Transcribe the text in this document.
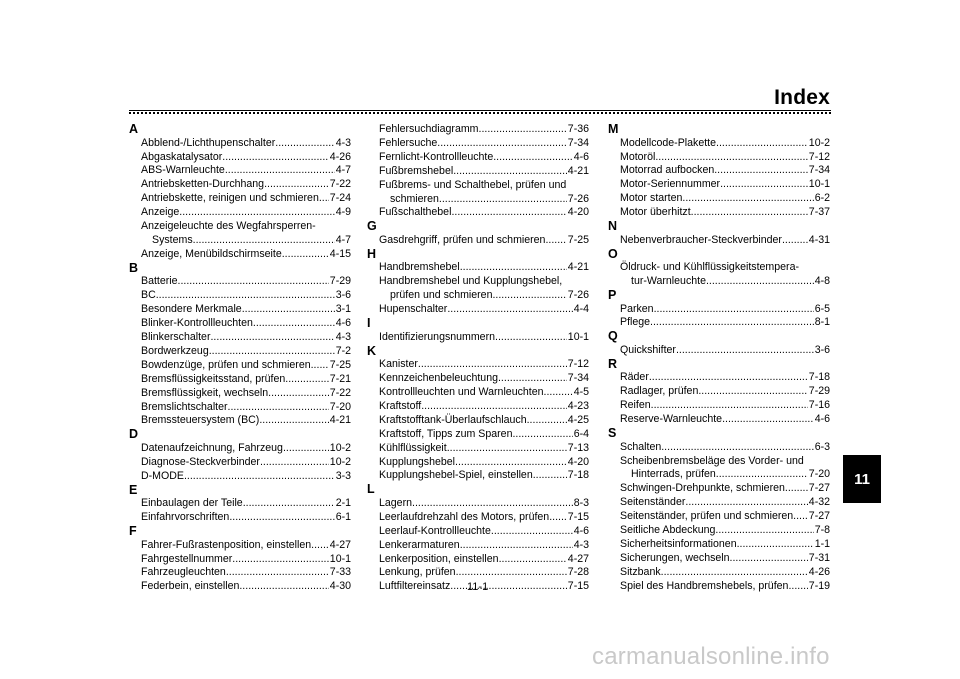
Index
A
Abblend-/Lichthupenschalter .....	4-3
Abgaskatalysator .....	4-26
ABS-Warnleuchte .....	4-7
Antriebsketten-Durchhang .....	7-22
Antriebskette, reinigen und schmieren ..... 7-24
Anzeige .....	4-9
Anzeigeleuchte des Wegfahrsperren-
Systems .....	4-7
Anzeige, Menübildschirmseite .....	4-15
B
Batterie .....	7-29
BC .....	3-6
Besondere Merkmale .....	3-1
Blinker-Kontrollleuchten .....	4-6
Blinkerschalter .....	4-3
Bordwerkzeug .....	7-2
Bowdenzüge, prüfen und schmieren ..... 7-25
Bremsflüssigkeitsstand, prüfen .....	7-21
Bremsflüssigkeit, wechseln .....	7-22
Bremslichtschalter .....	7-20
Bremssteuersystem (BC) .....	4-21
D
Datenaufzeichnung, Fahrzeug .....	10-2
Diagnose-Steckverbinder .....	10-2
D-MODE .....	3-3
E
Einbaulagen der Teile .....	2-1
Einfahrvorschriften .....	6-1
F
Fahrer-Fußrastenposition, einstellen ..... 4-27
Fahrgestellnummer .....	10-1
Fahrzeugleuchten .....	7-33
Federbein, einstellen .....	4-30
Fehlersuchdiagramm .....	7-36
Fehlersuche .....	7-34
Fernlicht-Kontrollleuchte .....	4-6
Fußbremshebel .....	4-21
Fußbrems- und Schalthebel, prüfen und
schmieren .....	7-26
Fußschalthebel .....	4-20
G
Gasdrehgriff, prüfen und schmieren ..... 7-25
H
Handbremshebel .....	4-21
Handbremshebel und Kupplungshebel,
prüfen und schmieren .....	7-26
Hupenschalter .....	4-4
I
Identifizierungsnummern .....	10-1
K
Kanister .....	7-12
Kennzeichenbeleuchtung .....	7-34
Kontrollleuchten und Warnleuchten .....	4-5
Kraftstoff .....	4-23
Kraftstofftank-Überlaufschlauch .....	4-25
Kraftstoff, Tipps zum Sparen .....	6-4
Kühlflüssigkeit .....	7-13
Kupplungshebel .....	4-20
Kupplungshebel-Spiel, einstellen .....	7-18
L
Lagern .....	8-3
Leerlaufdrehzahl des Motors, prüfen ..... 7-15
Leerlauf-Kontrollleuchte .....	4-6
Lenkerarmaturen .....	4-3
Lenkerposition, einstellen .....	4-27
Lenkung, prüfen .....	7-28
Luftfiltereinsatz .....	7-15
M
Modellcode-Plakette .....	10-2
Motoröl .....	7-12
Motorrad aufbocken .....	7-34
Motor-Seriennummer .....	10-1
Motor starten .....	6-2
Motor überhitzt .....	7-37
N
Nebenverbraucher-Steckverbinder .....	4-31
O
Öldruck- und Kühlflüssigkeitstempera-
tur-Warnleuchte .....	4-8
P
Parken .....	6-5
Pflege .....	8-1
Q
Quickshifter .....	3-6
R
Räder .....	7-18
Radlager, prüfen .....	7-29
Reifen .....	7-16
Reserve-Warnleuchte .....	4-6
S
Schalten .....	6-3
Scheibenbremsbeläge des Vorder- und
Hinterrads, prüfen .....	7-20
Schwingen-Drehpunkte, schmieren ..... 7-27
Seitenständer .....	4-32
Seitenständer, prüfen und schmieren ..... 7-27
Seitliche Abdeckung .....	7-8
Sicherheitsinformationen .....	1-1
Sicherungen, wechseln .....	7-31
Sitzbank .....	4-26
Spiel des Handbremshebels, prüfen ..... 7-19
11
11-1
carmanualsonline.info
